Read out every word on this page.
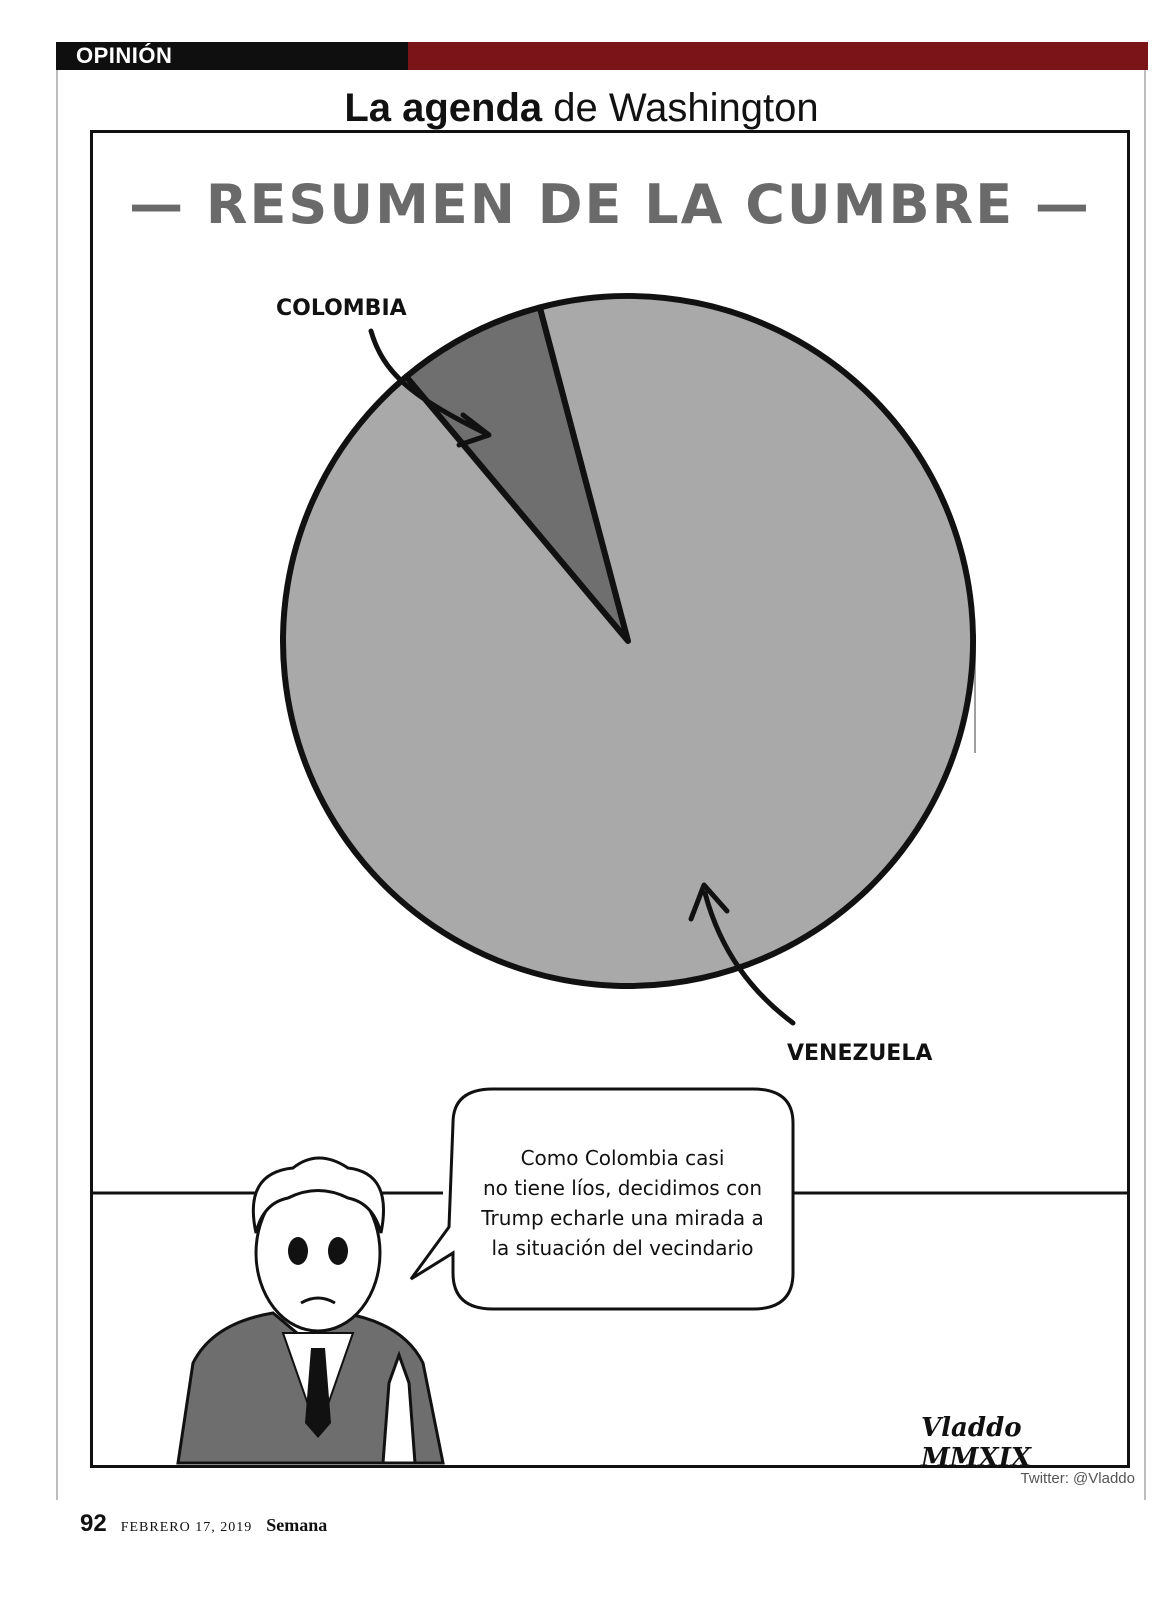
OPINIÓN
La agenda de Washington
— RESUMEN DE LA CUMBRE —
COLOMBIA
VENEZUELA
Como Colombia casi
no tiene líos, decidimos con
Trump echarle una mirada a
la situación del vecindario
Vladdo MMXIX
Twitter: @Vladdo
92 FEBRERO 17, 2019 Semana
